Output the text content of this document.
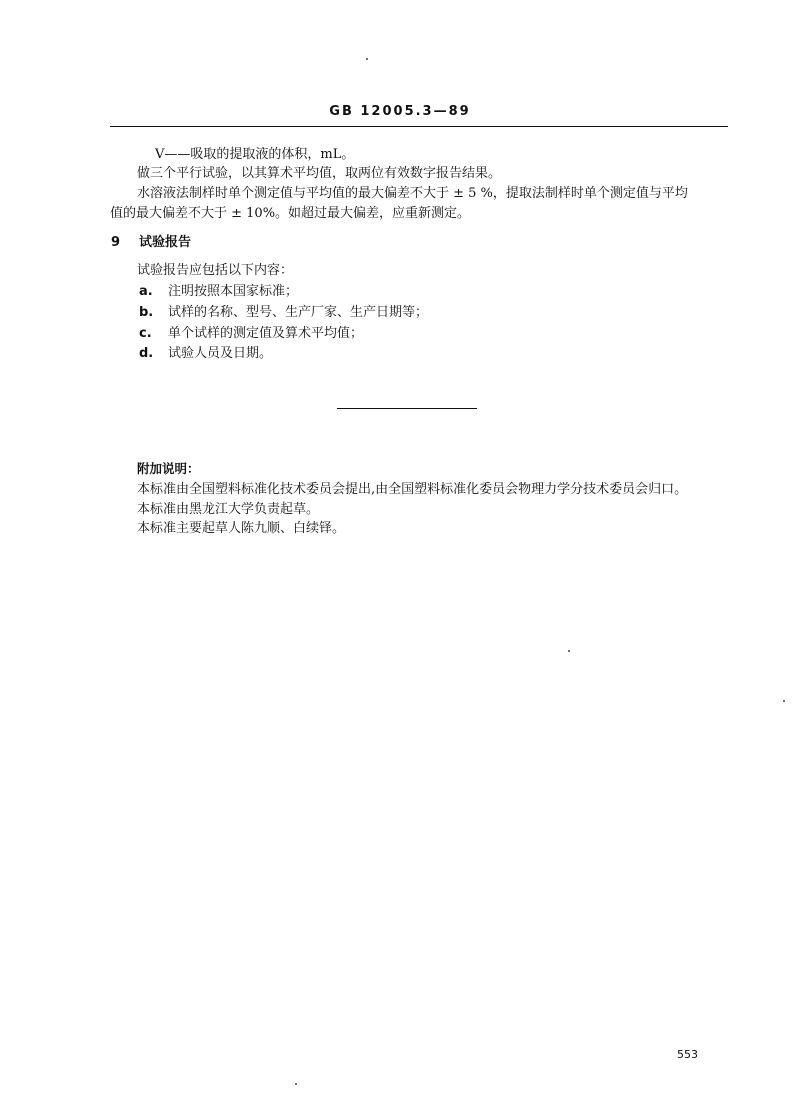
GB 12005.3—89
V——吸取的提取液的体积，mL。
做三个平行试验，以其算术平均值，取两位有效数字报告结果。
水溶液法制样时单个测定值与平均值的最大偏差不大于 ± 5 %，提取法制样时单个测定值与平均
值的最大偏差不大于 ± 10%。如超过最大偏差，应重新测定。
9 试验报告
试验报告应包括以下内容：
a. 注明按照本国家标准；
b. 试样的名称、型号、生产厂家、生产日期等；
c. 单个试样的测定值及算术平均值；
d. 试验人员及日期。
附加说明：
本标准由全国塑料标准化技术委员会提出,由全国塑料标准化委员会物理力学分技术委员会归口。
本标准由黑龙江大学负责起草。
本标准主要起草人陈九顺、白续铎。
553
